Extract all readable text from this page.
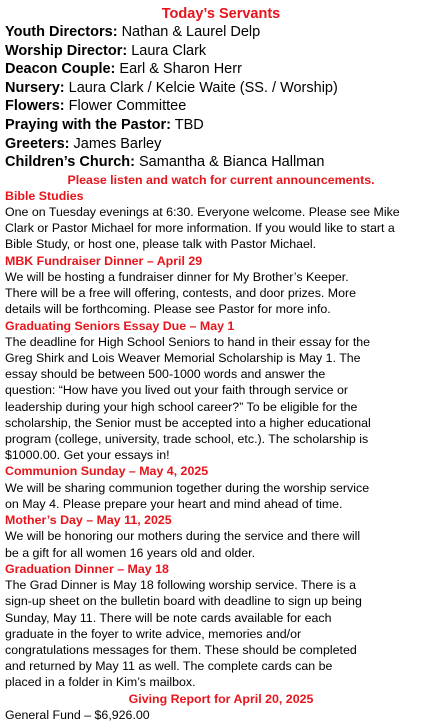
Today’s Servants
Youth Directors: Nathan & Laurel Delp
Worship Director: Laura Clark
Deacon Couple: Earl & Sharon Herr
Nursery: Laura Clark / Kelcie Waite (SS. / Worship)
Flowers: Flower Committee
Praying with the Pastor: TBD
Greeters: James Barley
Children’s Church: Samantha & Bianca Hallman
Please listen and watch for current announcements.
Bible Studies
One on Tuesday evenings at 6:30. Everyone welcome. Please see Mike
Clark or Pastor Michael for more information. If you would like to start a
Bible Study, or host one, please talk with Pastor Michael.
MBK Fundraiser Dinner – April 29
We will be hosting a fundraiser dinner for My Brother’s Keeper.
There will be a free will offering, contests, and door prizes. More
details will be forthcoming. Please see Pastor for more info.
Graduating Seniors Essay Due – May 1
The deadline for High School Seniors to hand in their essay for the
Greg Shirk and Lois Weaver Memorial Scholarship is May 1. The
essay should be between 500-1000 words and answer the
question: “How have you lived out your faith through service or
leadership during your high school career?” To be eligible for the
scholarship, the Senior must be accepted into a higher educational
program (college, university, trade school, etc.). The scholarship is
$1000.00. Get your essays in!
Communion Sunday – May 4, 2025
We will be sharing communion together during the worship service
on May 4. Please prepare your heart and mind ahead of time.
Mother’s Day – May 11, 2025
We will be honoring our mothers during the service and there will
be a gift for all women 16 years old and older.
Graduation Dinner – May 18
The Grad Dinner is May 18 following worship service. There is a
sign-up sheet on the bulletin board with deadline to sign up being
Sunday, May 11. There will be note cards available for each
graduate in the foyer to write advice, memories and/or
congratulations messages for them. These should be completed
and returned by May 11 as well. The complete cards can be
placed in a folder in Kim’s mailbox.
Giving Report for April 20, 2025
General Fund – $6,926.00
